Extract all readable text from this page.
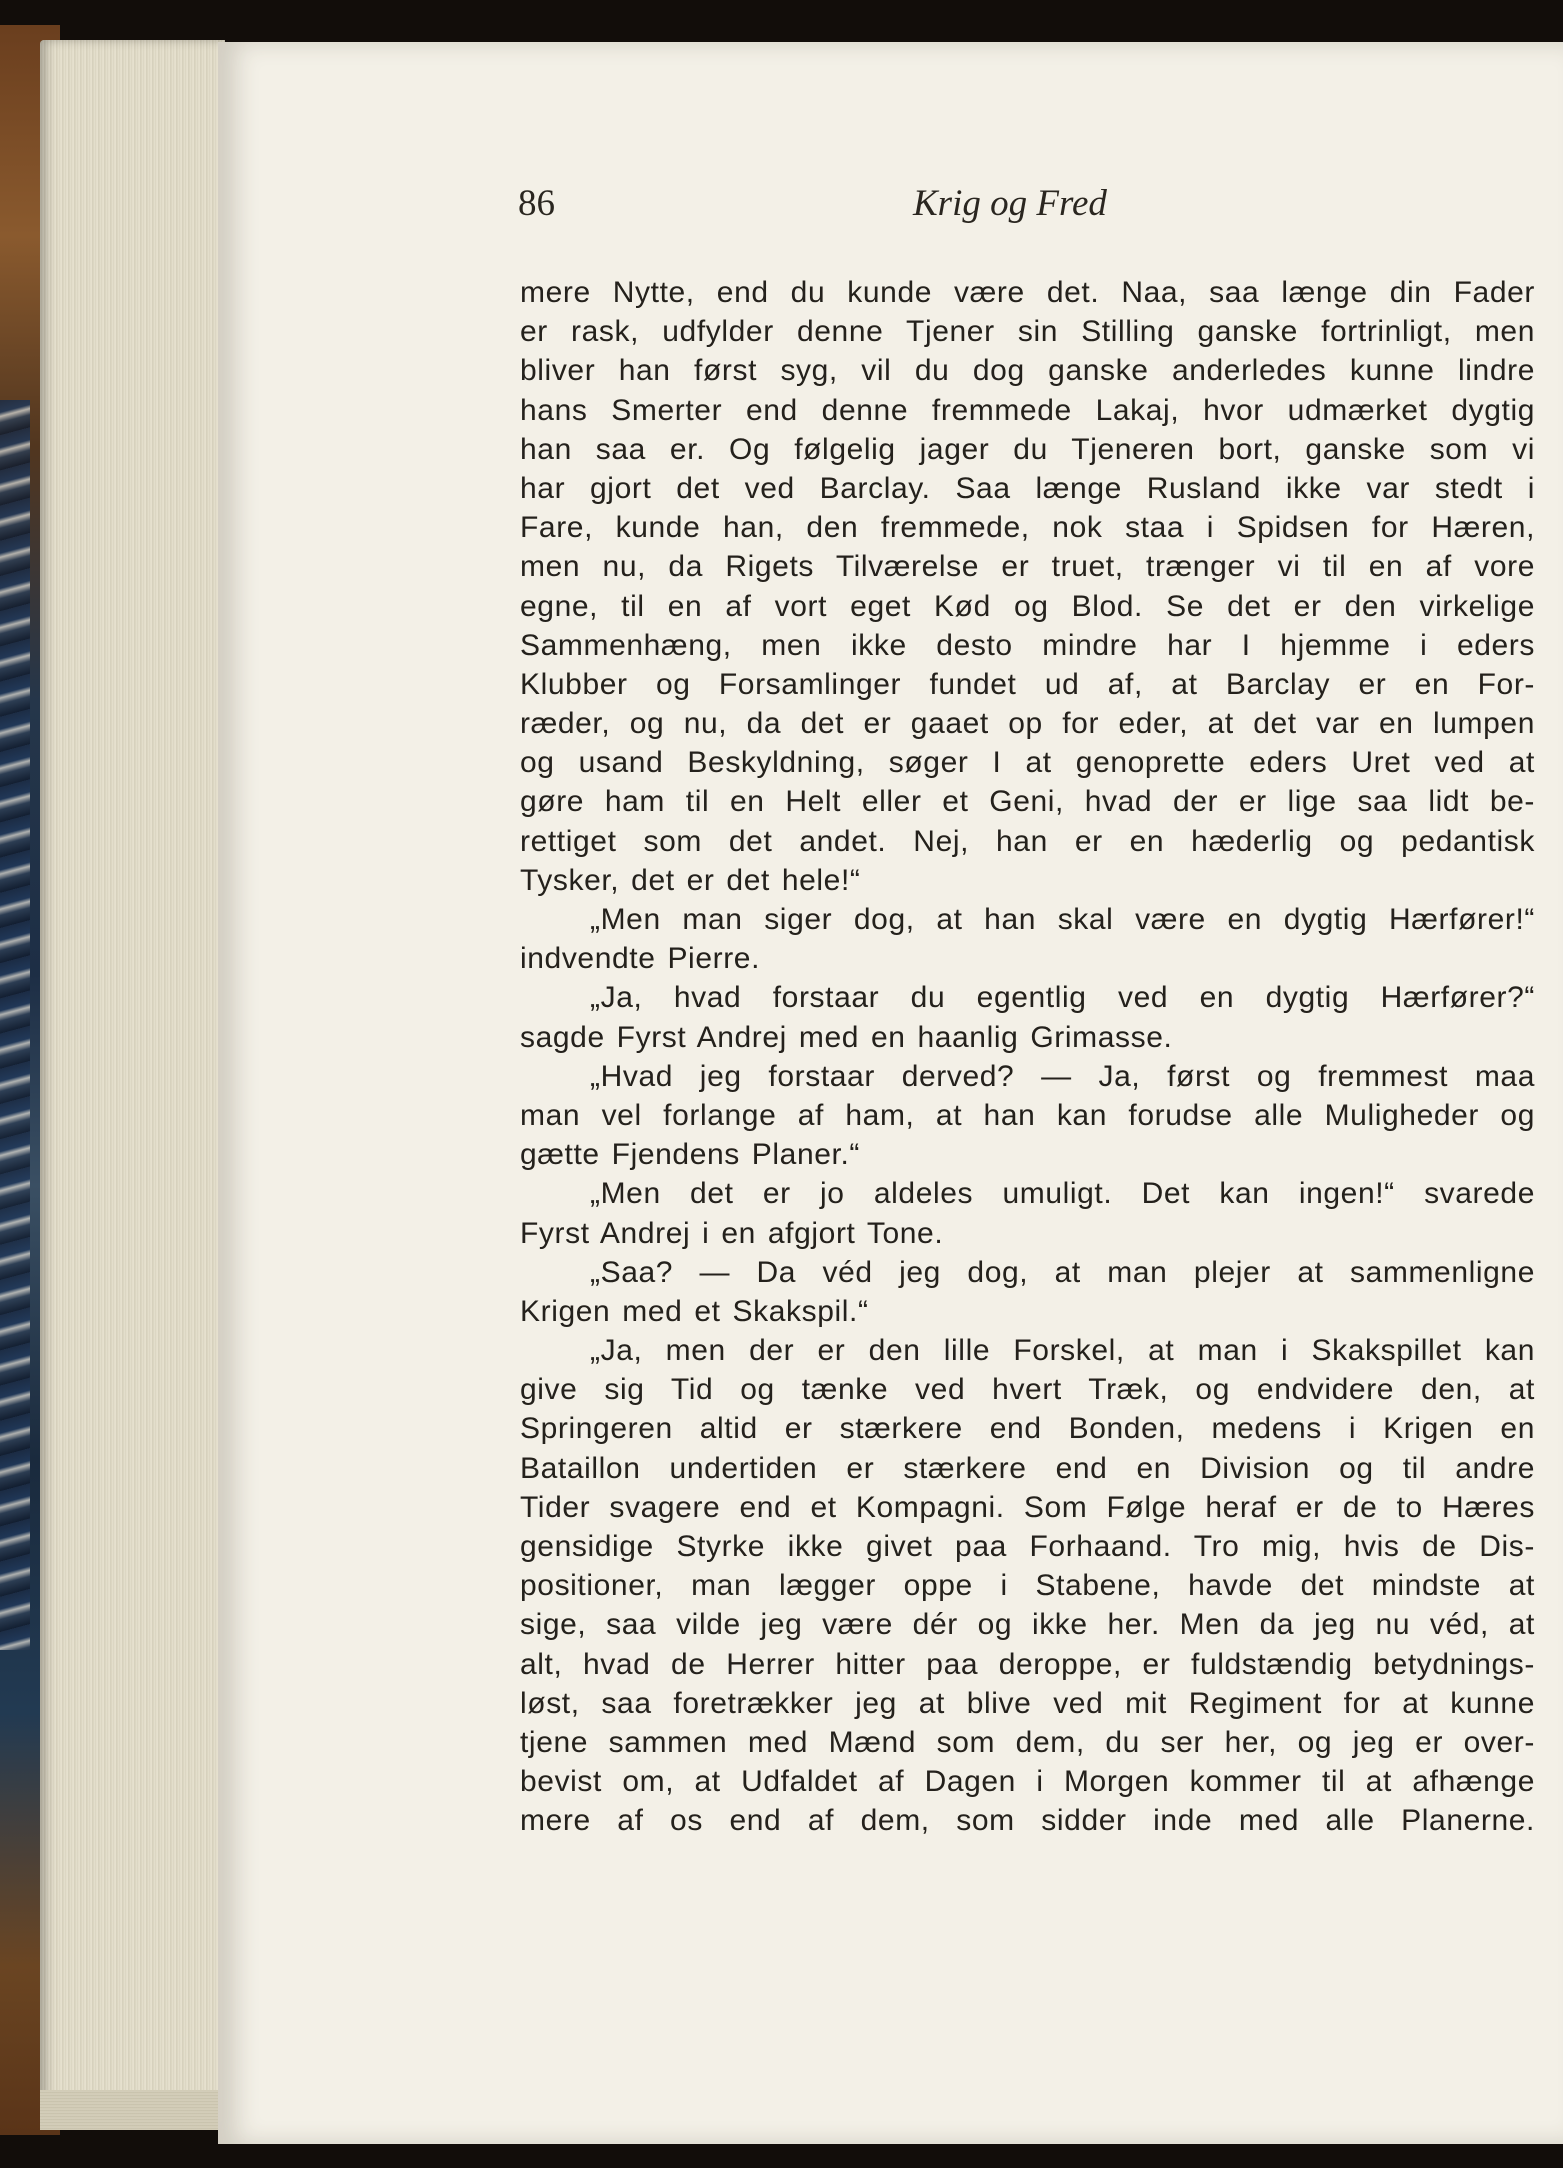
86	Krig og Fred
mere Nytte, end du kunde være det. Naa, saa længe din Fader
er rask, udfylder denne Tjener sin Stilling ganske fortrinligt, men
bliver han først syg, vil du dog ganske anderledes kunne lindre
hans Smerter end denne fremmede Lakaj, hvor udmærket dygtig
han saa er. Og følgelig jager du Tjeneren bort, ganske som vi
har gjort det ved Barclay. Saa længe Rusland ikke var stedt i
Fare, kunde han, den fremmede, nok staa i Spidsen for Hæren,
men nu, da Rigets Tilværelse er truet, trænger vi til en af vore
egne, til en af vort eget Kød og Blod. Se det er den virkelige
Sammenhæng, men ikke desto mindre har I hjemme i eders
Klubber og Forsamlinger fundet ud af, at Barclay er en For-
ræder, og nu, da det er gaaet op for eder, at det var en lumpen
og usand Beskyldning, søger I at genoprette eders Uret ved at
gøre ham til en Helt eller et Geni, hvad der er lige saa lidt be-
rettiget som det andet. Nej, han er en hæderlig og pedantisk
Tysker, det er det hele!“
„Men man siger dog, at han skal være en dygtig Hærfører!“
indvendte Pierre.
„Ja, hvad forstaar du egentlig ved en dygtig Hærfører?“
sagde Fyrst Andrej med en haanlig Grimasse.
„Hvad jeg forstaar derved? — Ja, først og fremmest maa
man vel forlange af ham, at han kan forudse alle Muligheder og
gætte Fjendens Planer.“
„Men det er jo aldeles umuligt. Det kan ingen!“ svarede
Fyrst Andrej i en afgjort Tone.
„Saa? — Da véd jeg dog, at man plejer at sammenligne
Krigen med et Skakspil.“
„Ja, men der er den lille Forskel, at man i Skakspillet kan
give sig Tid og tænke ved hvert Træk, og endvidere den, at
Springeren altid er stærkere end Bonden, medens i Krigen en
Bataillon undertiden er stærkere end en Division og til andre
Tider svagere end et Kompagni. Som Følge heraf er de to Hæres
gensidige Styrke ikke givet paa Forhaand. Tro mig, hvis de Dis-
positioner, man lægger oppe i Stabene, havde det mindste at
sige, saa vilde jeg være dér og ikke her. Men da jeg nu véd, at
alt, hvad de Herrer hitter paa deroppe, er fuldstændig betydnings-
løst, saa foretrækker jeg at blive ved mit Regiment for at kunne
tjene sammen med Mænd som dem, du ser her, og jeg er over-
bevist om, at Udfaldet af Dagen i Morgen kommer til at afhænge
mere af os end af dem, som sidder inde med alle Planerne.
